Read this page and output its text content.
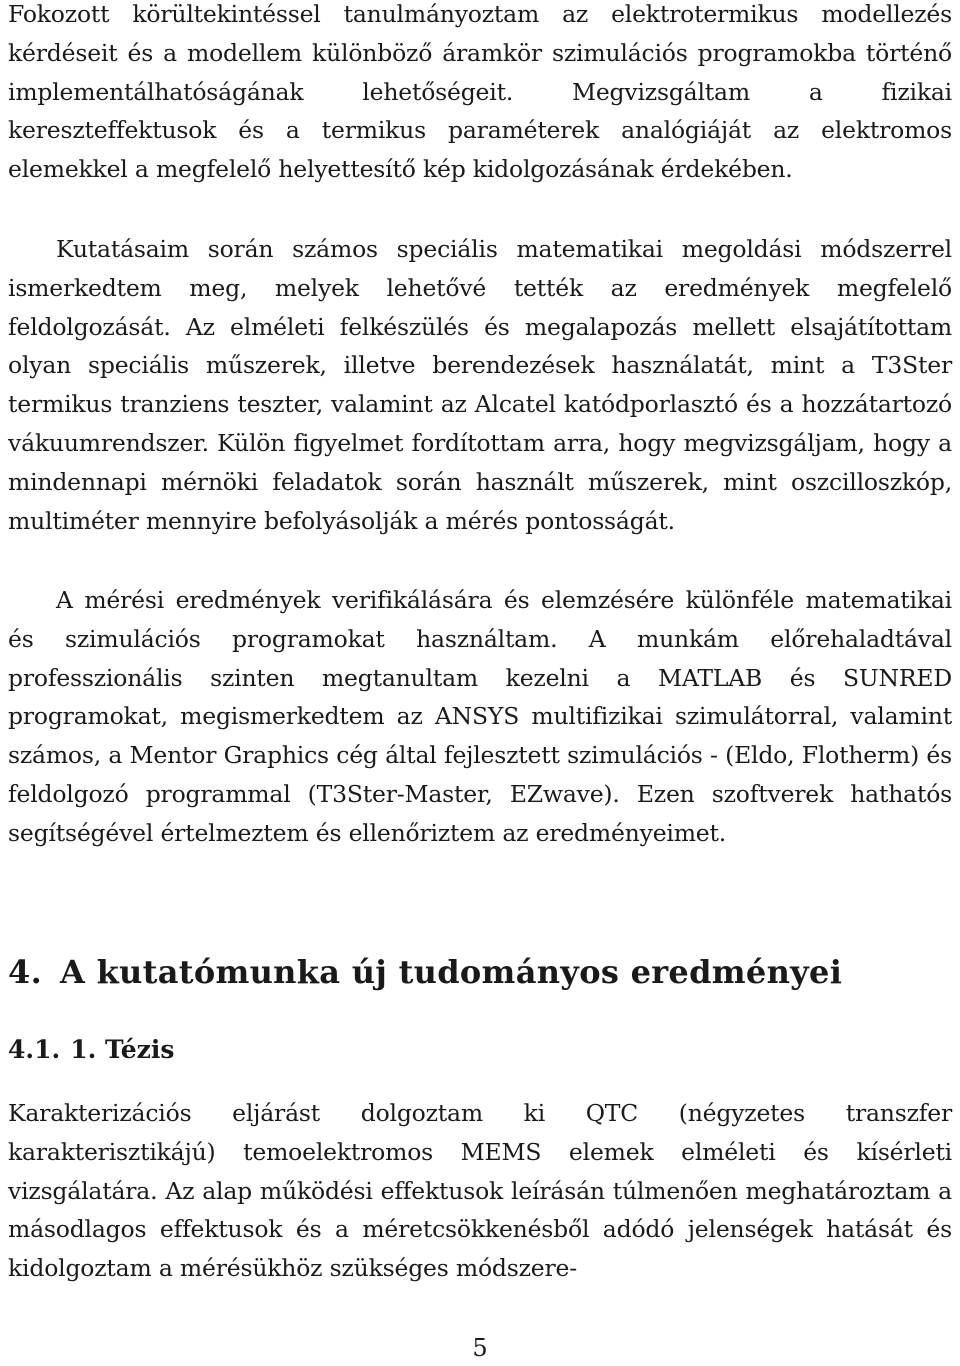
Fokozott körültekintéssel tanulmányoztam az elektrotermikus modellezés kérdéseit és a modellem különböző áramkör szimulációs programokba történő implementálhatóságának lehetőségeit. Megvizsgáltam a fizikai kereszteffektusok és a termikus paraméterek analógiáját az elektromos elemekkel a megfelelő helyettesítő kép kidolgozásának érdekében.

Kutatásaim során számos speciális matematikai megoldási módszerrel ismerkedtem meg, melyek lehetővé tették az eredmények megfelelő feldolgozását. Az elméleti felkészülés és megalapozás mellett elsajátítottam olyan speciális műszerek, illetve berendezések használatát, mint a T3Ster termikus tranziens teszter, valamint az Alcatel katódporlasztó és a hozzátartozó vákuumrendszer. Külön figyelmet fordítottam arra, hogy megvizsgáljam, hogy a mindennapi mérnöki feladatok során használt műszerek, mint oszcilloszkóp, multiméter mennyire befolyásolják a mérés pontosságát.

A mérési eredmények verifikálására és elemzésére különféle matematikai és szimulációs programokat használtam. A munkám előrehaladtával professzionális szinten megtanultam kezelni a MATLAB és SUNRED programokat, megismerkedtem az ANSYS multifizikai szimulátorral, valamint számos, a Mentor Graphics cég által fejlesztett szimulációs - (Eldo, Flotherm) és feldolgozó programmal (T3Ster-Master, EZwave). Ezen szoftverek hathatós segítségével értelmeztem és ellenőriztem az eredményeimet.

4. A kutatómunka új tudományos eredményei
4.1. 1. Tézis

Karakterizációs eljárást dolgoztam ki QTC (négyzetes transzfer karakterisztikájú) temoelektromos MEMS elemek elméleti és kísérleti vizsgálatára. Az alap működési effektusok leírásán túlmenően meghatároztam a másodlagos effektusok és a méretcsökkenésből adódó jelenségek hatását és kidolgoztam a mérésükhöz szükséges módszere-

5
